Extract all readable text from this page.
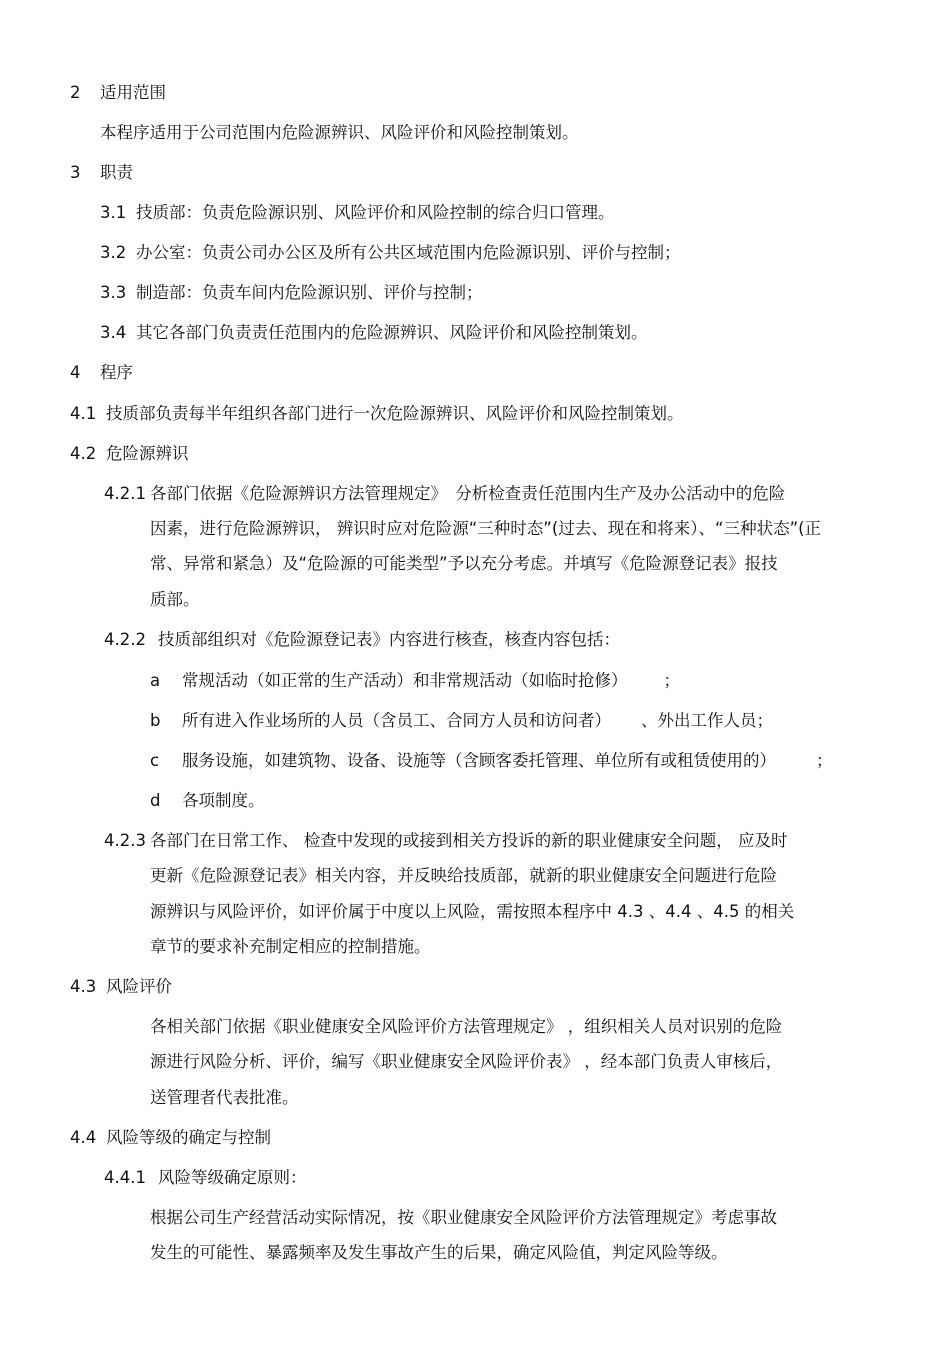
2 适用范围
本程序适用于公司范围内危险源辨识、风险评价和风险控制策划。
3 职责
3.1 技质部：负责危险源识别、风险评价和风险控制的综合归口管理。
3.2 办公室：负责公司办公区及所有公共区域范围内危险源识别、评价与控制；
3.3 制造部：负责车间内危险源识别、评价与控制；
3.4 其它各部门负责责任范围内的危险源辨识、风险评价和风险控制策划。
4 程序
4.1 技质部负责每半年组织各部门进行一次危险源辨识、风险评价和风险控制策划。
4.2 危险源辨识
4.2.1 各部门依据《危险源辨识方法管理规定》　分析检查责任范围内生产及办公活动中的危险
因素，进行危险源辨识， 辨识时应对危险源“三种时态”(过去、现在和将来）、“三种状态”(正
常、异常和紧急）及“危险源的可能类型”予以充分考虑。并填写《危险源登记表》报技
质部。
4.2.2 技质部组织对《危险源登记表》内容进行核查，核查内容包括：
a 常规活动（如正常的生产活动）和非常规活动（如临时抢修） ；
b 所有进入作业场所的人员（含员工、合同方人员和访问者） 、外出工作人员；
c 服务设施，如建筑物、设备、设施等（含顾客委托管理、单位所有或租赁使用的） ；
d 各项制度。
4.2.3 各部门在日常工作、 检查中发现的或接到相关方投诉的新的职业健康安全问题， 应及时
更新《危险源登记表》相关内容，并反映给技质部，就新的职业健康安全问题进行危险
源辨识与风险评价，如评价属于中度以上风险，需按照本程序中 4.3 、4.4 、4.5 的相关
章节的要求补充制定相应的控制措施。
4.3 风险评价
各相关部门依据《职业健康安全风险评价方法管理规定》 ，组织相关人员对识别的危险
源进行风险分析、评价，编写《职业健康安全风险评价表》 ，经本部门负责人审核后，
送管理者代表批准。
4.4 风险等级的确定与控制
4.4.1 风险等级确定原则：
根据公司生产经营活动实际情况，按《职业健康安全风险评价方法管理规定》考虑事故
发生的可能性、暴露频率及发生事故产生的后果，确定风险值，判定风险等级。
